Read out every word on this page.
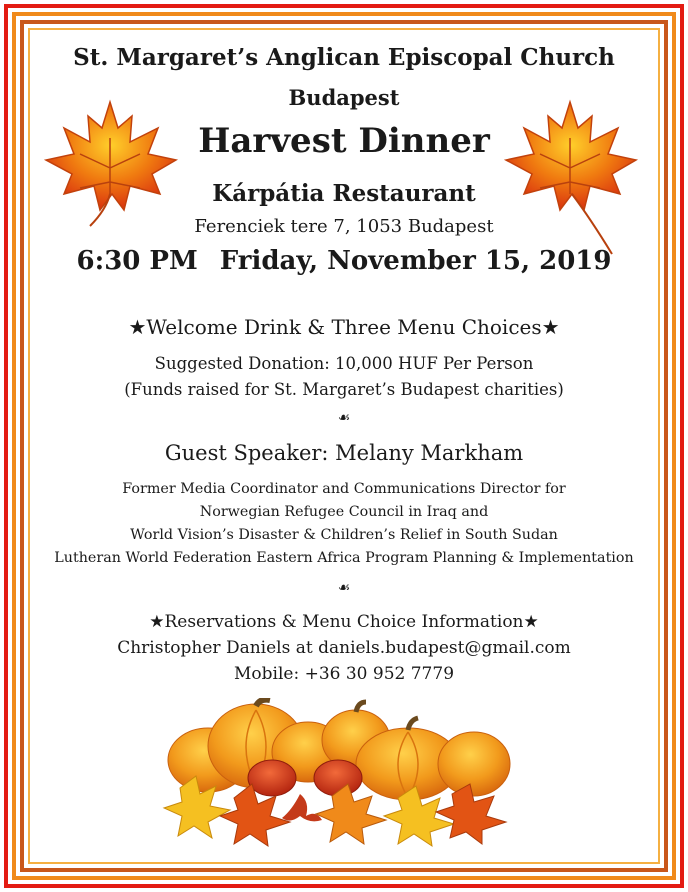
St. Margaret’s Anglican Episcopal Church
Budapest
Harvest Dinner
Kárpátia Restaurant
Ferenciek tere 7, 1053 Budapest
6:30 PM Friday, November 15, 2019
★Welcome Drink & Three Menu Choices★
Suggested Donation: 10,000 HUF Per Person
(Funds raised for St. Margaret’s Budapest charities)
☙
Guest Speaker: Melany Markham
Former Media Coordinator and Communications Director for
Norwegian Refugee Council in Iraq and
World Vision’s Disaster & Children’s Relief in South Sudan
Lutheran World Federation Eastern Africa Program Planning & Implementation
☙
★Reservations & Menu Choice Information★
Christopher Daniels at daniels.budapest@gmail.com
Mobile: +36 30 952 7779
